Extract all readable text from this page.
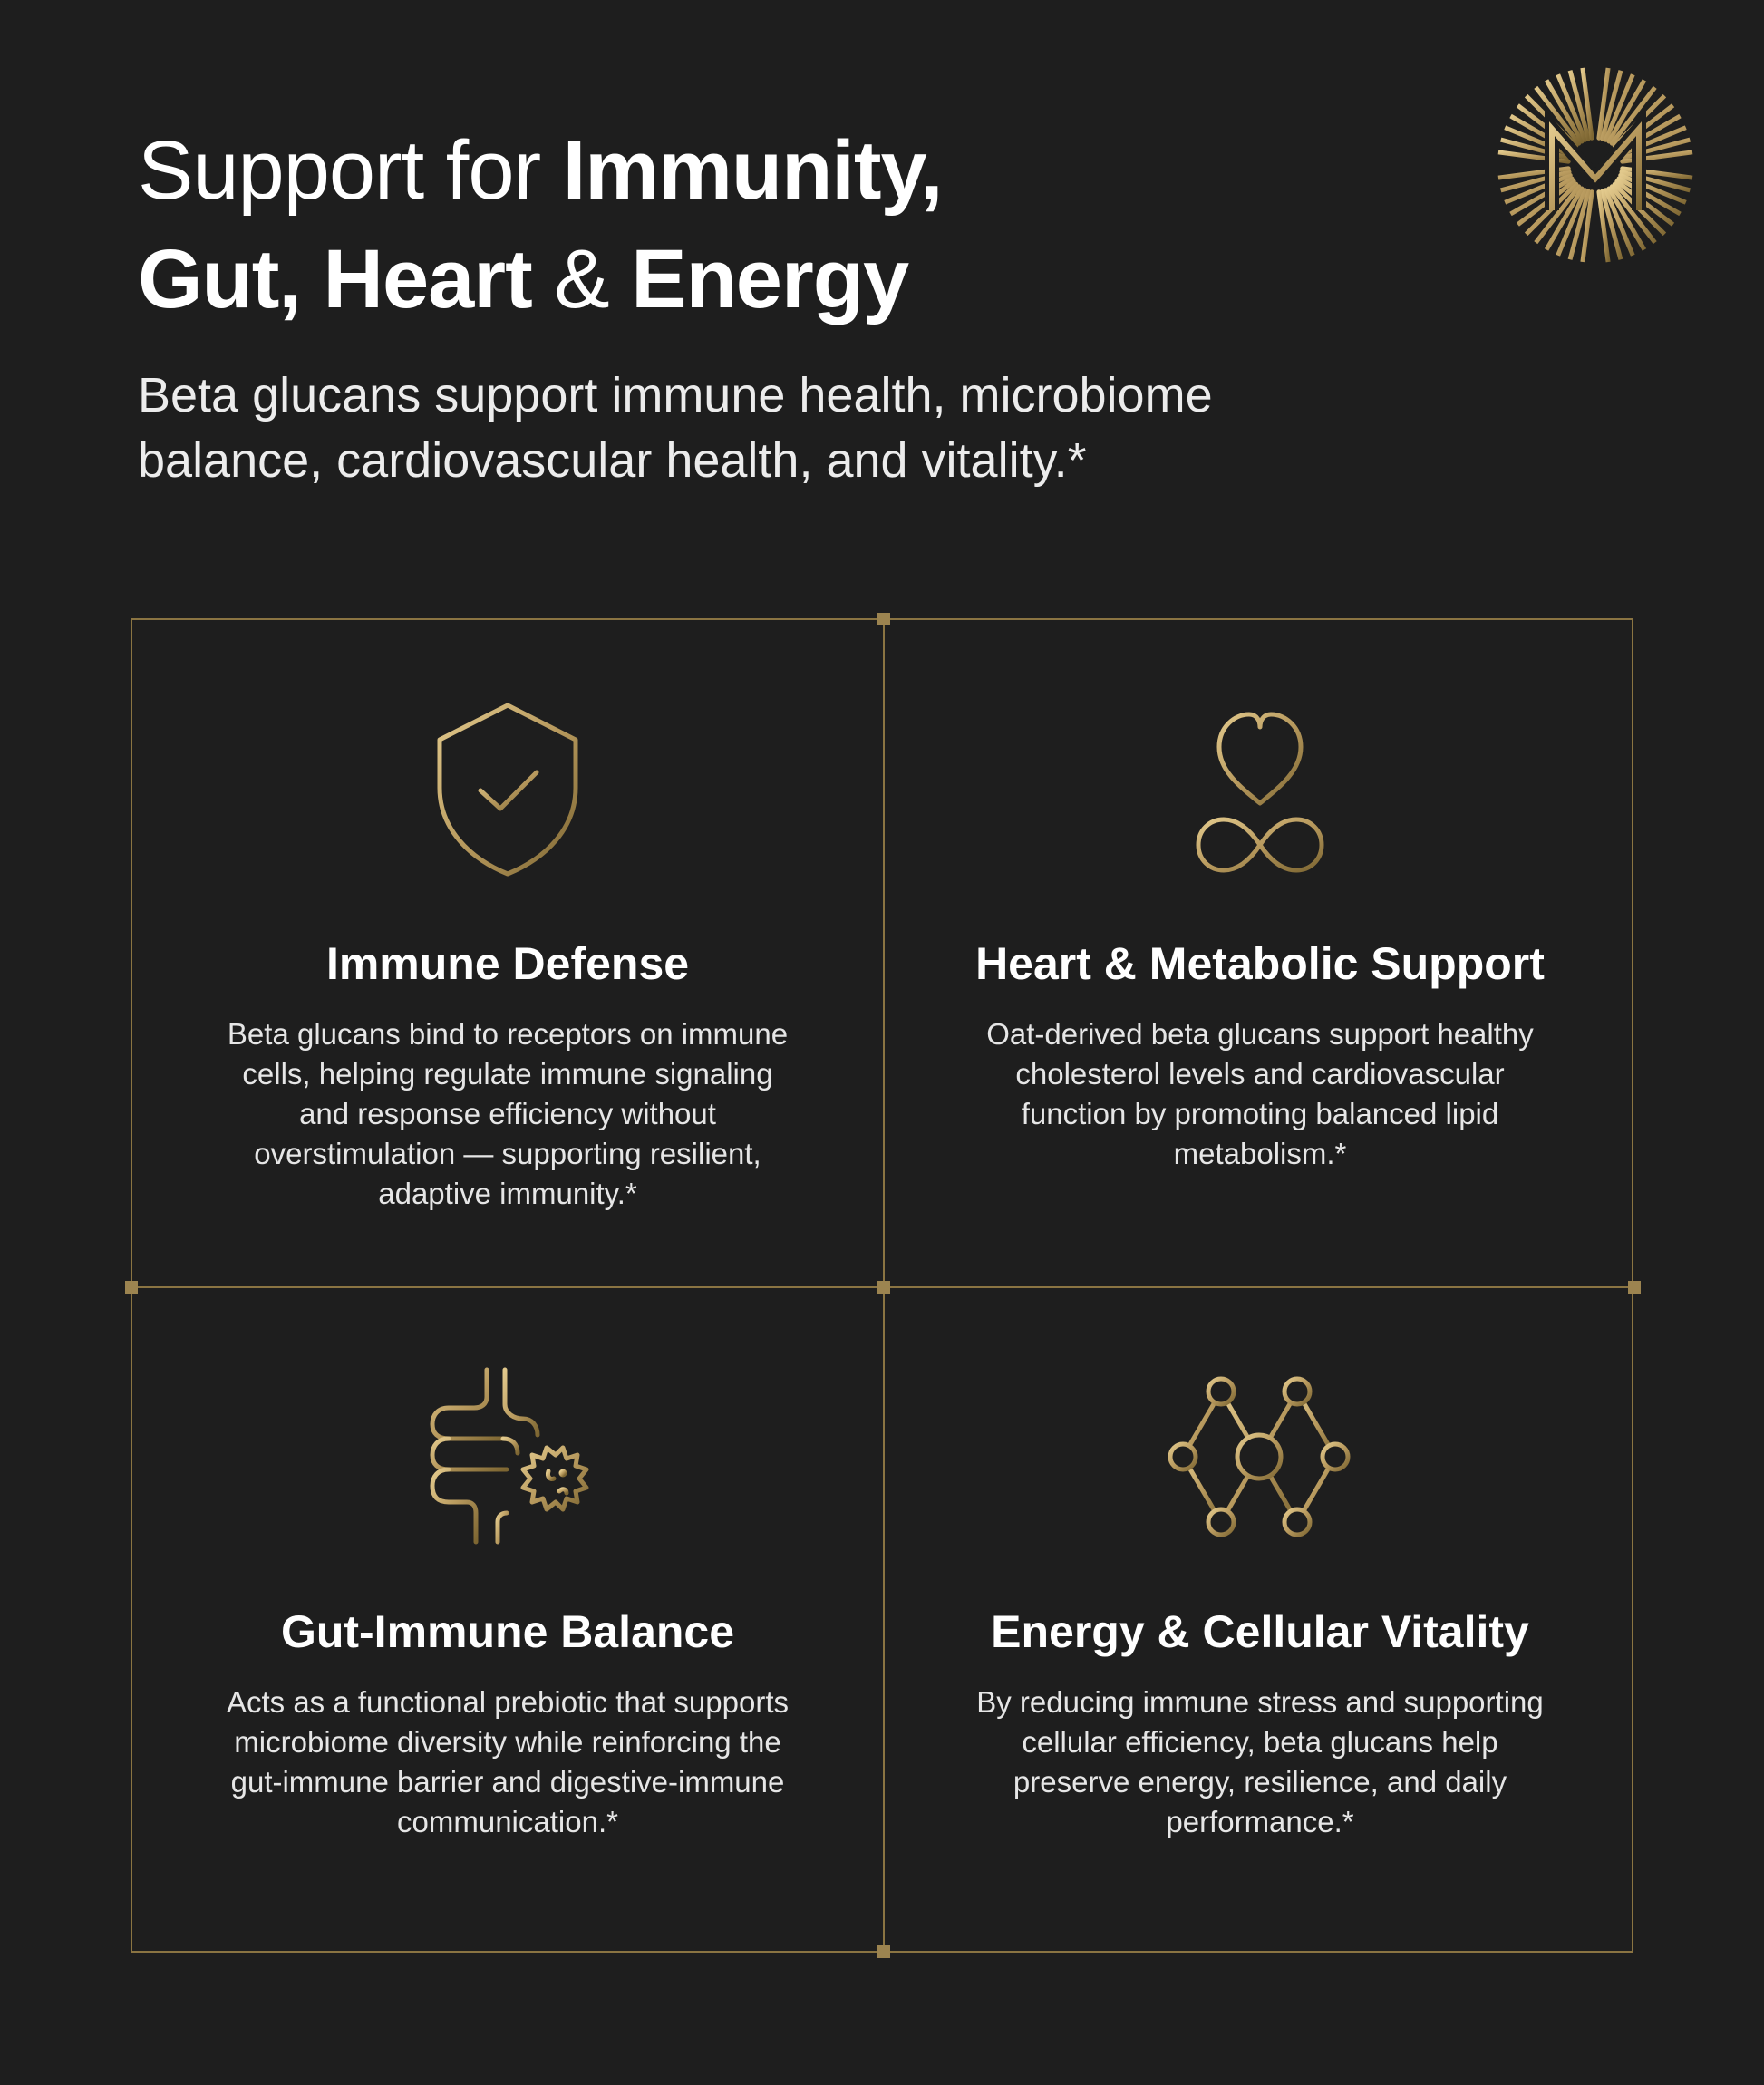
Support for Immunity,
Gut, Heart & Energy

Beta glucans support immune health, microbiome
balance, cardiovascular health, and vitality.*

Immune Defense

Beta glucans bind to receptors on immune cells, helping regulate immune signaling and response efficiency without overstimulation — supporting resilient, adaptive immunity.*

Heart & Metabolic Support

Oat-derived beta glucans support healthy cholesterol levels and cardiovascular function by promoting balanced lipid metabolism.*

Gut-Immune Balance

Acts as a functional prebiotic that supports microbiome diversity while reinforcing the gut-immune barrier and digestive-immune communication.*

Energy & Cellular Vitality

By reducing immune stress and supporting cellular efficiency, beta glucans help preserve energy, resilience, and daily performance.*
